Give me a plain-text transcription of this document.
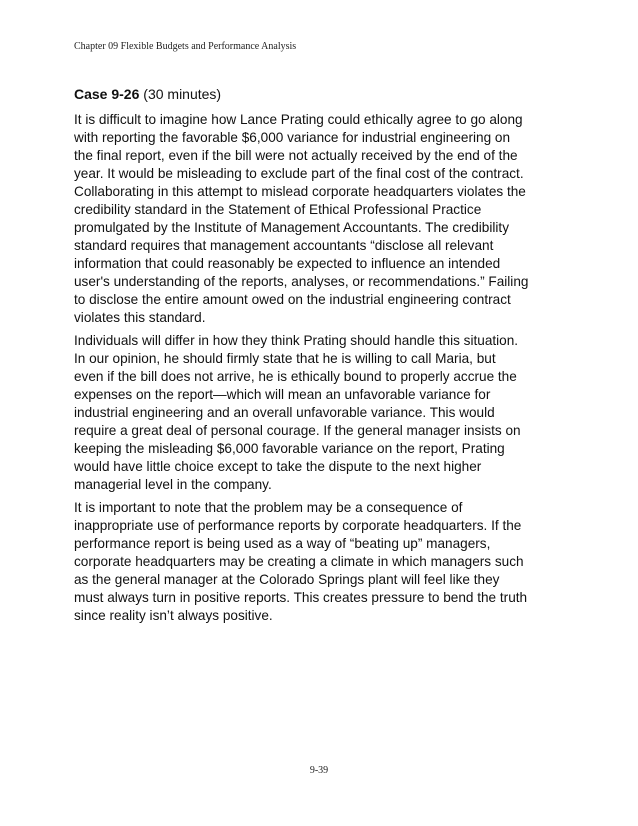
Chapter 09 Flexible Budgets and Performance Analysis
Case 9-26 (30 minutes)

It is difficult to imagine how Lance Prating could ethically agree to go along
with reporting the favorable $6,000 variance for industrial engineering on
the final report, even if the bill were not actually received by the end of the
year. It would be misleading to exclude part of the final cost of the contract.
Collaborating in this attempt to mislead corporate headquarters violates the
credibility standard in the Statement of Ethical Professional Practice
promulgated by the Institute of Management Accountants. The credibility
standard requires that management accountants “disclose all relevant
information that could reasonably be expected to influence an intended
user's understanding of the reports, analyses, or recommendations.” Failing
to disclose the entire amount owed on the industrial engineering contract
violates this standard.

Individuals will differ in how they think Prating should handle this situation.
In our opinion, he should firmly state that he is willing to call Maria, but
even if the bill does not arrive, he is ethically bound to properly accrue the
expenses on the report—which will mean an unfavorable variance for
industrial engineering and an overall unfavorable variance. This would
require a great deal of personal courage. If the general manager insists on
keeping the misleading $6,000 favorable variance on the report, Prating
would have little choice except to take the dispute to the next higher
managerial level in the company.

It is important to note that the problem may be a consequence of
inappropriate use of performance reports by corporate headquarters. If the
performance report is being used as a way of “beating up” managers,
corporate headquarters may be creating a climate in which managers such
as the general manager at the Colorado Springs plant will feel like they
must always turn in positive reports. This creates pressure to bend the truth
since reality isn’t always positive.

9-39
